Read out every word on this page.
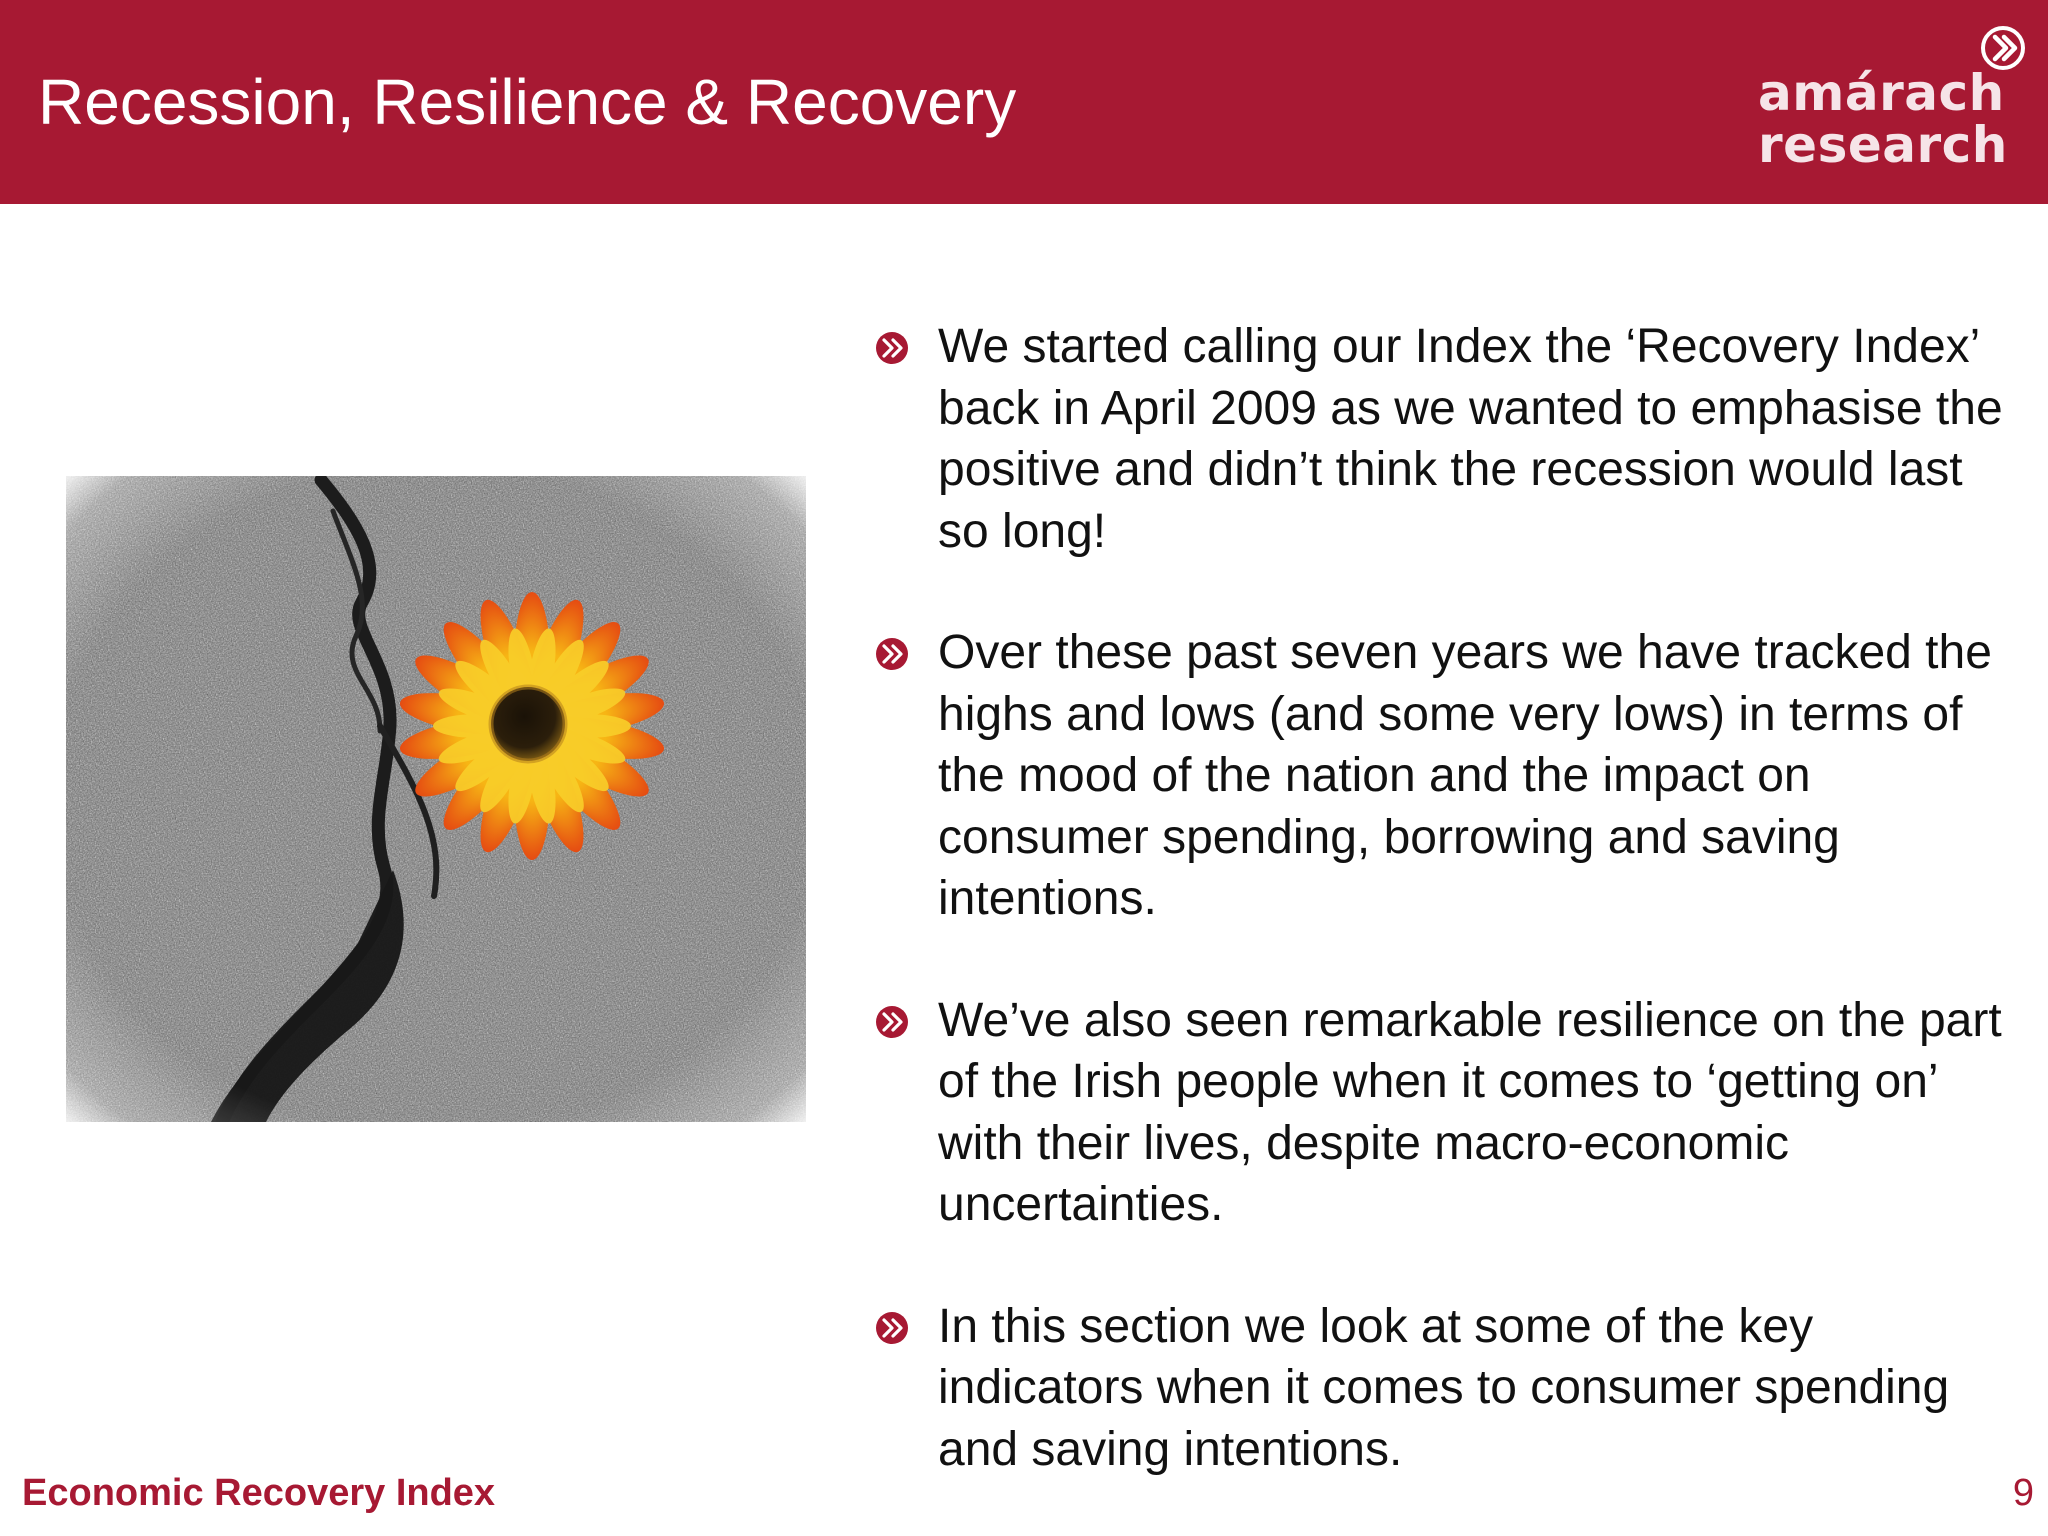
Recession, Resilience & Recovery	amárach
research
We started calling our Index the ‘Recovery Index’ back in April 2009 as we wanted to emphasise the positive and didn’t think the recession would last so long!
Over these past seven years we have tracked the highs and lows (and some very lows) in terms of the mood of the nation and the impact on consumer spending, borrowing and saving intentions.
We’ve also seen remarkable resilience on the part of the Irish people when it comes to ‘getting on’ with their lives, despite macro-economic uncertainties.
In this section we look at some of the key indicators when it comes to consumer spending and saving intentions.
Economic Recovery Index	9
